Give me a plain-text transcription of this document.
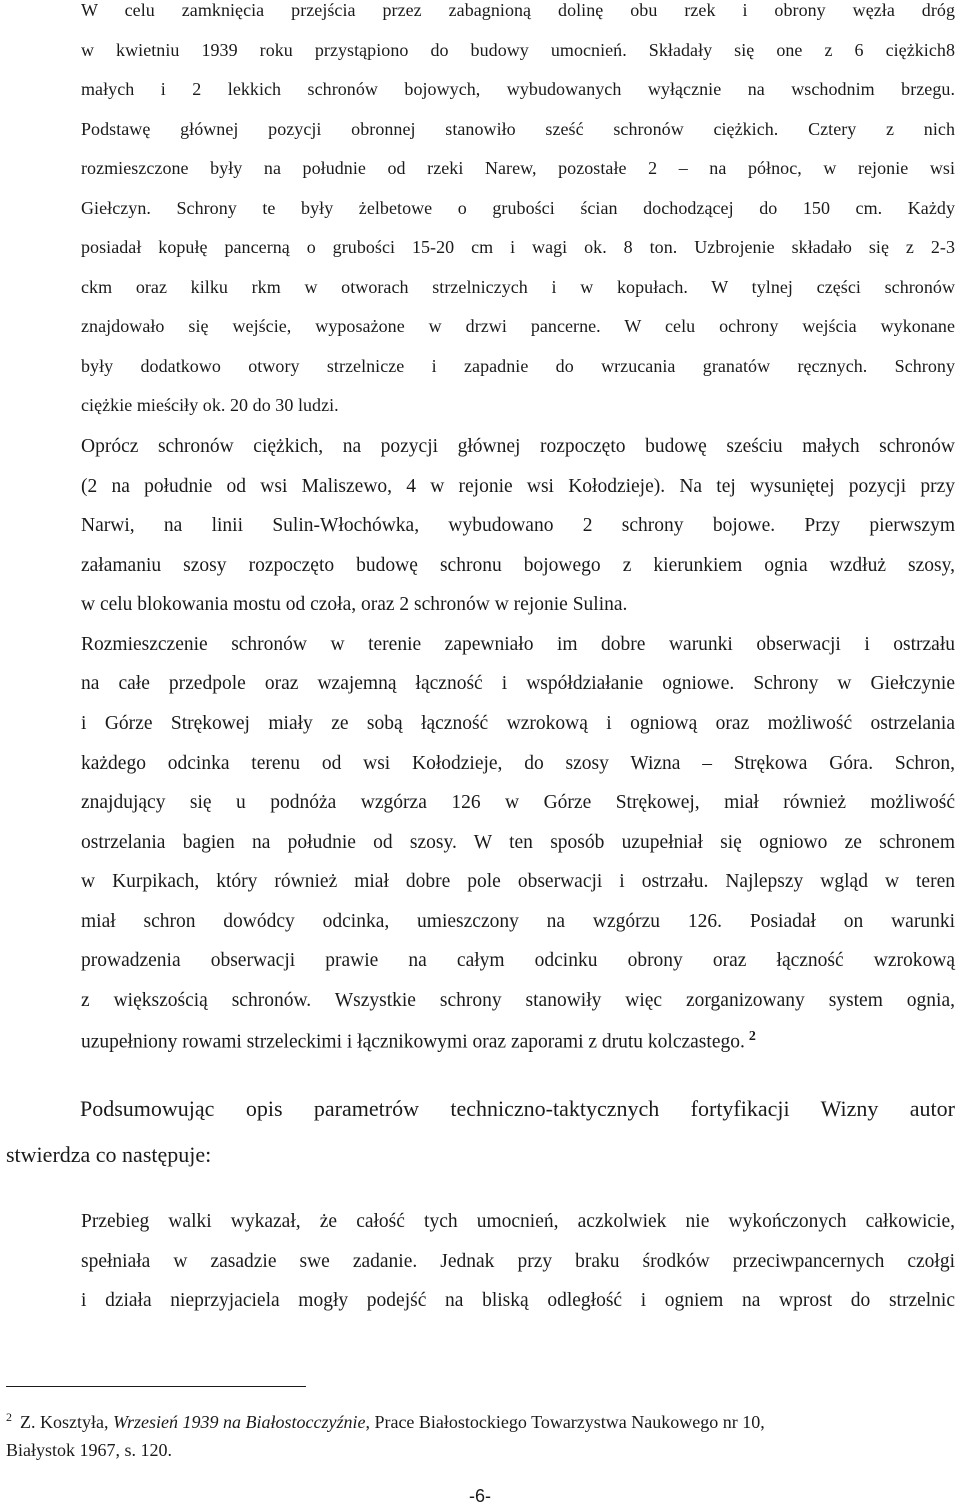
W celu zamknięcia przejścia przez zabagnioną dolinę obu rzek i obrony węzła dróg

w kwietniu 1939 roku przystąpiono do budowy umocnień. Składały się one z 6 ciężkich8

małych i 2 lekkich schronów bojowych, wybudowanych wyłącznie na wschodnim brzegu.

Podstawę głównej pozycji obronnej stanowiło sześć schronów ciężkich. Cztery z nich

rozmieszczone były na południe od rzeki Narew, pozostałe 2 – na północ, w rejonie wsi

Giełczyn. Schrony te były żelbetowe o grubości ścian dochodzącej do 150 cm. Każdy

posiadał kopułę pancerną o grubości 15-20 cm i wagi ok. 8 ton. Uzbrojenie składało się z 2-3

ckm oraz kilku rkm w otworach strzelniczych i w kopułach. W tylnej części schronów

znajdowało się wejście, wyposażone w drzwi pancerne. W celu ochrony wejścia wykonane

były dodatkowo otwory strzelnicze i zapadnie do wrzucania granatów ręcznych. Schrony

ciężkie mieściły ok. 20 do 30 ludzi.

Oprócz schronów ciężkich, na pozycji głównej rozpoczęto budowę sześciu małych schronów

(2 na południe od wsi Maliszewo, 4 w rejonie wsi Kołodzieje). Na tej wysuniętej pozycji przy

Narwi, na linii Sulin-Włochówka, wybudowano 2 schrony bojowe. Przy pierwszym

załamaniu szosy rozpoczęto budowę schronu bojowego z kierunkiem ognia wzdłuż szosy,

w celu blokowania mostu od czoła, oraz 2 schronów w rejonie Sulina.

Rozmieszczenie schronów w terenie zapewniało im dobre warunki obserwacji i ostrzału

na całe przedpole oraz wzajemną łączność i współdziałanie ogniowe. Schrony w Giełczynie

i Górze Strękowej miały ze sobą łączność wzrokową i ogniową oraz możliwość ostrzelania

każdego odcinka terenu od wsi Kołodzieje, do szosy Wizna – Strękowa Góra. Schron,

znajdujący się u podnóża wzgórza 126 w Górze Strękowej, miał również możliwość

ostrzelania bagien na południe od szosy. W ten sposób uzupełniał się ogniowo ze schronem

w Kurpikach, który również miał dobre pole obserwacji i ostrzału. Najlepszy wgląd w teren

miał schron dowódcy odcinka, umieszczony na wzgórzu 126. Posiadał on warunki

prowadzenia obserwacji prawie na całym odcinku obrony oraz łączność wzrokową

z większością schronów. Wszystkie schrony stanowiły więc zorganizowany system ognia,

uzupełniony rowami strzeleckimi i łącznikowymi oraz zaporami z drutu kolczastego. $^2$

Podsumowując opis parametrów techniczno-taktycznych fortyfikacji Wizny autor

stwierdza co następuje:

Przebieg walki wykazał, że całość tych umocnień, aczkolwiek nie wykończonych całkowicie,

spełniała w zasadzie swe zadanie. Jednak przy braku środków przeciwpancernych czołgi

i działa nieprzyjaciela mogły podejść na bliską odległość i ogniem na wprost do strzelnic

$^2$ Z. Kosztyła, Wrzesień 1939 na Białostocczyźnie, Prace Białostockiego Towarzystwa Naukowego nr 10,

Białystok 1967, s. 120.

-6-
